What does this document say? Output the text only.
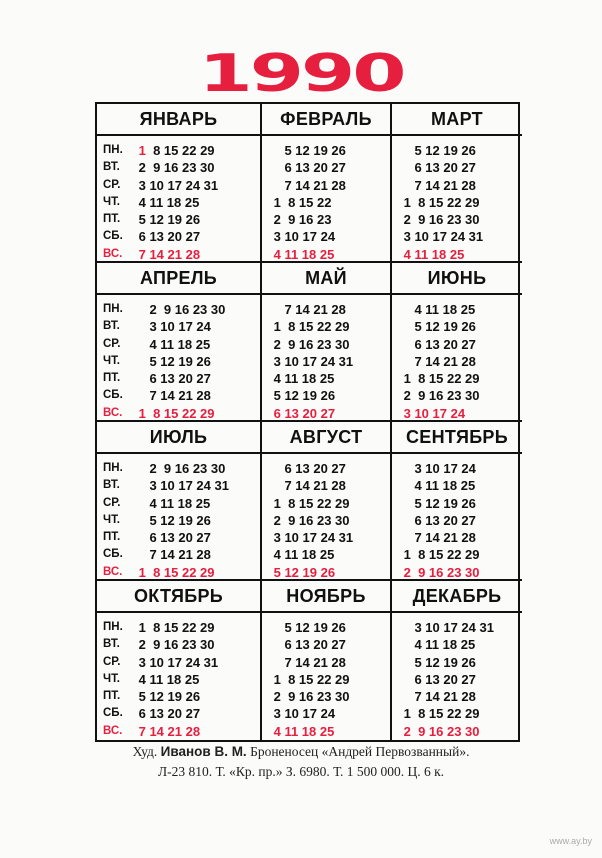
1990
ЯНВАРЬ
ПН.
ВТ.
СР.
ЧТ.
ПТ.
СБ.
ВС.
1  8 15 22 29
2  9 16 23 30
3 10 17 24 31
4 11 18 25
5 12 19 26
6 13 20 27
7 14 21 28
ФЕВРАЛЬ
5 12 19 26
6 13 20 27
7 14 21 28
1  8 15 22
2  9 16 23
3 10 17 24
4 11 18 25
МАРТ
5 12 19 26
6 13 20 27
7 14 21 28
1  8 15 22 29
2  9 16 23 30
3 10 17 24 31
4 11 18 25
АПРЕЛЬ
ПН.
ВТ.
СР.
ЧТ.
ПТ.
СБ.
ВС.
2  9 16 23 30
3 10 17 24
4 11 18 25
5 12 19 26
6 13 20 27
7 14 21 28
1  8 15 22 29
МАЙ
7 14 21 28
1  8 15 22 29
2  9 16 23 30
3 10 17 24 31
4 11 18 25
5 12 19 26
6 13 20 27
ИЮНЬ
4 11 18 25
5 12 19 26
6 13 20 27
7 14 21 28
1  8 15 22 29
2  9 16 23 30
3 10 17 24
ИЮЛЬ
ПН.
ВТ.
СР.
ЧТ.
ПТ.
СБ.
ВС.
2  9 16 23 30
3 10 17 24 31
4 11 18 25
5 12 19 26
6 13 20 27
7 14 21 28
1  8 15 22 29
АВГУСТ
6 13 20 27
7 14 21 28
1  8 15 22 29
2  9 16 23 30
3 10 17 24 31
4 11 18 25
5 12 19 26
СЕНТЯБРЬ
3 10 17 24
4 11 18 25
5 12 19 26
6 13 20 27
7 14 21 28
1  8 15 22 29
2  9 16 23 30
ОКТЯБРЬ
ПН.
ВТ.
СР.
ЧТ.
ПТ.
СБ.
ВС.
1  8 15 22 29
2  9 16 23 30
3 10 17 24 31
4 11 18 25
5 12 19 26
6 13 20 27
7 14 21 28
НОЯБРЬ
5 12 19 26
6 13 20 27
7 14 21 28
1  8 15 22 29
2  9 16 23 30
3 10 17 24
4 11 18 25
ДЕКАБРЬ
3 10 17 24 31
4 11 18 25
5 12 19 26
6 13 20 27
7 14 21 28
1  8 15 22 29
2  9 16 23 30
Худ. Иванов В. М. Броненосец «Андрей Первозванный».
Л-23 810. Т. «Кр. пр.» З. 6980. Т. 1 500 000. Ц. 6 к.
www.ay.by
